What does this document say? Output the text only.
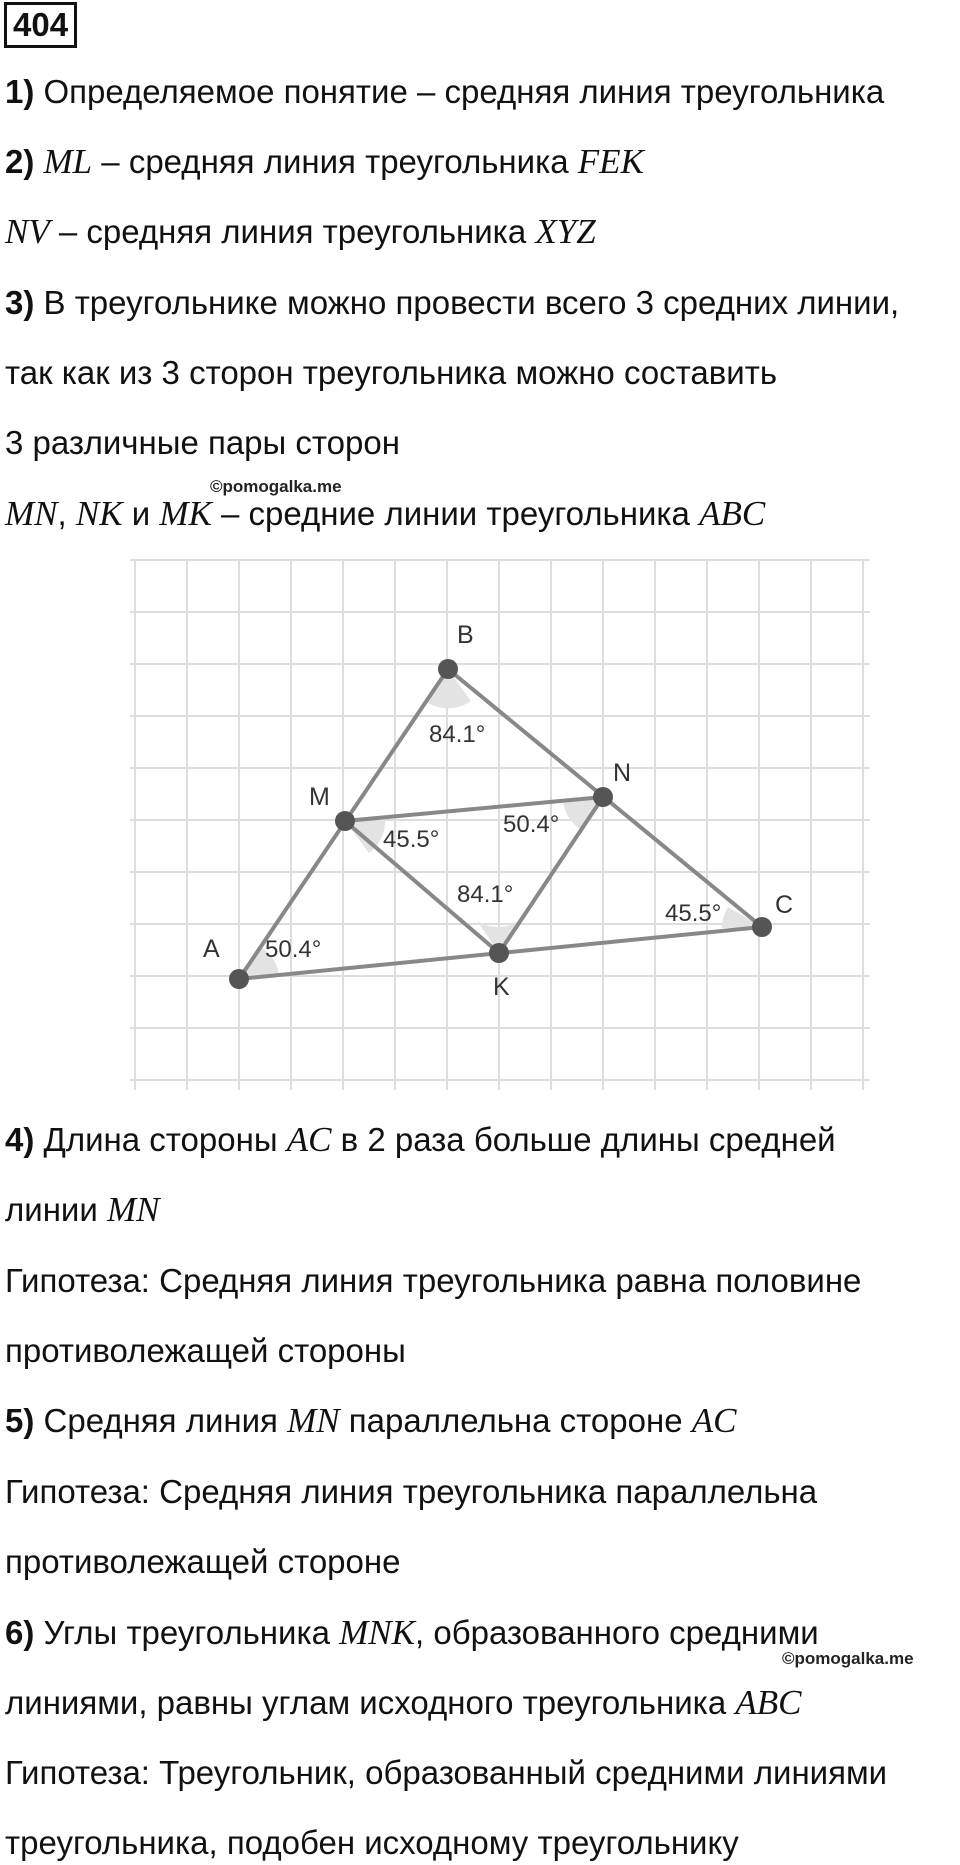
404
1) Определяемое понятие – средняя линия треугольника
2) ML – средняя линия треугольника FEK
NV – средняя линия треугольника XYZ
3) В треугольнике можно провести всего 3 средних линии,
так как из 3 сторон треугольника можно составить
3 различные пары сторон
©pomogalka.me
MN, NK и MK – средние линии треугольника ABC
A
B
C
M
N
K
50.4°
84.1°
45.5°
45.5°
50.4°
84.1°
4) Длина стороны AC в 2 раза больше длины средней
линии MN
Гипотеза: Средняя линия треугольника равна половине
противолежащей стороны
5) Средняя линия MN параллельна стороне AC
Гипотеза: Средняя линия треугольника параллельна
противолежащей стороне
6) Углы треугольника MNK, образованного средними
©pomogalka.me
линиями, равны углам исходного треугольника ABC
Гипотеза: Треугольник, образованный средними линиями
треугольника, подобен исходному треугольнику
